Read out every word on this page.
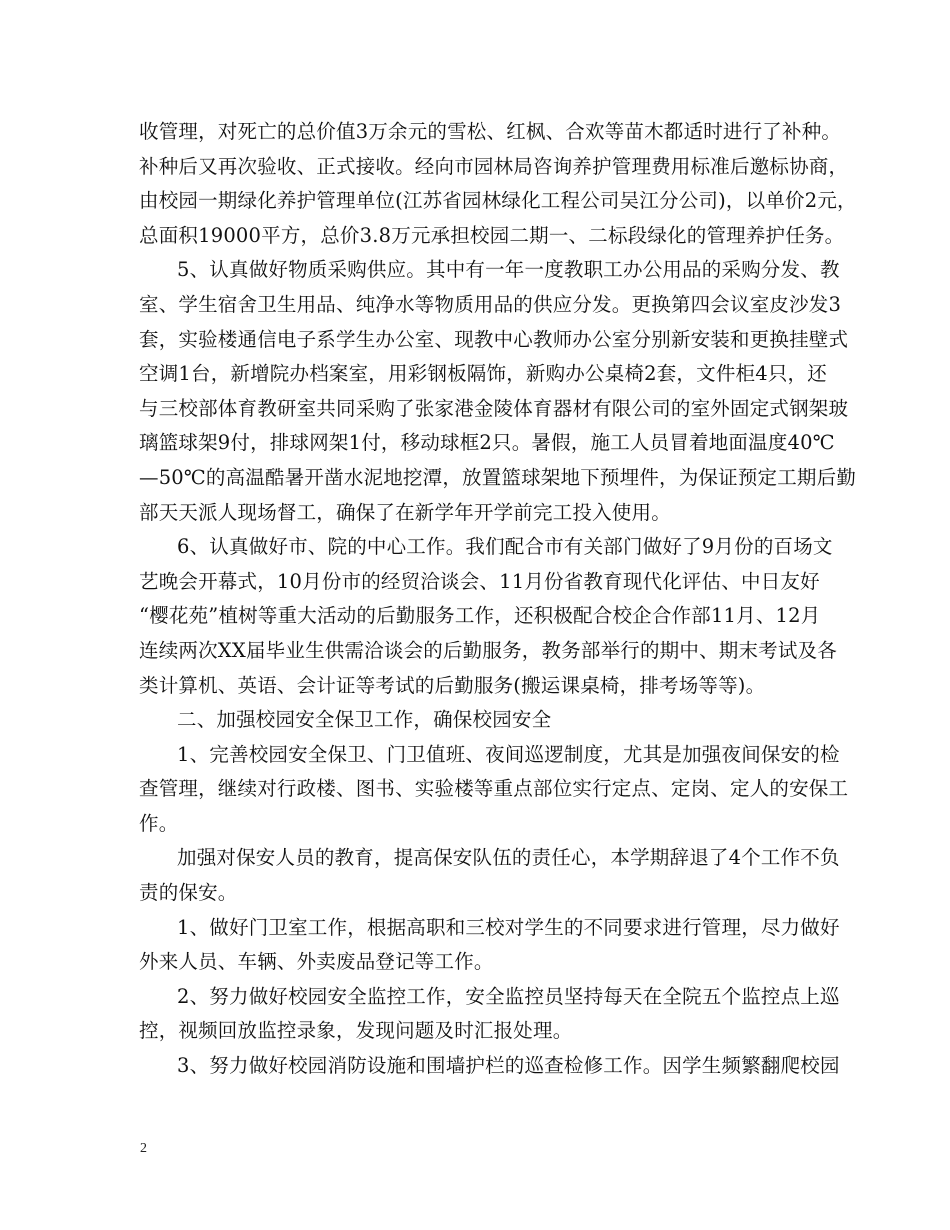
收管理，对死亡的总价值3万余元的雪松、红枫、合欢等苗木都适时进行了补种。
补种后又再次验收、正式接收。经向市园林局咨询养护管理费用标准后邀标协商，
由校园一期绿化养护管理单位(江苏省园林绿化工程公司吴江分公司)，以单价2元，
总面积19000平方，总价3.8万元承担校园二期一、二标段绿化的管理养护任务。
5、认真做好物质采购供应。其中有一年一度教职工办公用品的采购分发、教
室、学生宿舍卫生用品、纯净水等物质用品的供应分发。更换第四会议室皮沙发3
套，实验楼通信电子系学生办公室、现教中心教师办公室分别新安装和更换挂壁式
空调1台，新增院办档案室，用彩钢板隔饰，新购办公桌椅2套，文件柜4只，还
与三校部体育教研室共同采购了张家港金陵体育器材有限公司的室外固定式钢架玻
璃篮球架9付，排球网架1付，移动球框2只。暑假，施工人员冒着地面温度40℃
—50℃的高温酷暑开凿水泥地挖潭，放置篮球架地下预埋件，为保证预定工期后勤
部天天派人现场督工，确保了在新学年开学前完工投入使用。
6、认真做好市、院的中心工作。我们配合市有关部门做好了9月份的百场文
艺晚会开幕式，10月份市的经贸洽谈会、11月份省教育现代化评估、中日友好
“樱花苑”植树等重大活动的后勤服务工作，还积极配合校企合作部11月、12月
连续两次XX届毕业生供需洽谈会的后勤服务，教务部举行的期中、期末考试及各
类计算机、英语、会计证等考试的后勤服务(搬运课桌椅，排考场等等)。
二、加强校园安全保卫工作，确保校园安全
1、完善校园安全保卫、门卫值班、夜间巡逻制度，尤其是加强夜间保安的检
查管理，继续对行政楼、图书、实验楼等重点部位实行定点、定岗、定人的安保工
作。
加强对保安人员的教育，提高保安队伍的责任心，本学期辞退了4个工作不负
责的保安。
1、做好门卫室工作，根据高职和三校对学生的不同要求进行管理，尽力做好
外来人员、车辆、外卖废品登记等工作。
2、努力做好校园安全监控工作，安全监控员坚持每天在全院五个监控点上巡
控，视频回放监控录象，发现问题及时汇报处理。
3、努力做好校园消防设施和围墙护栏的巡查检修工作。因学生频繁翻爬校园
2
